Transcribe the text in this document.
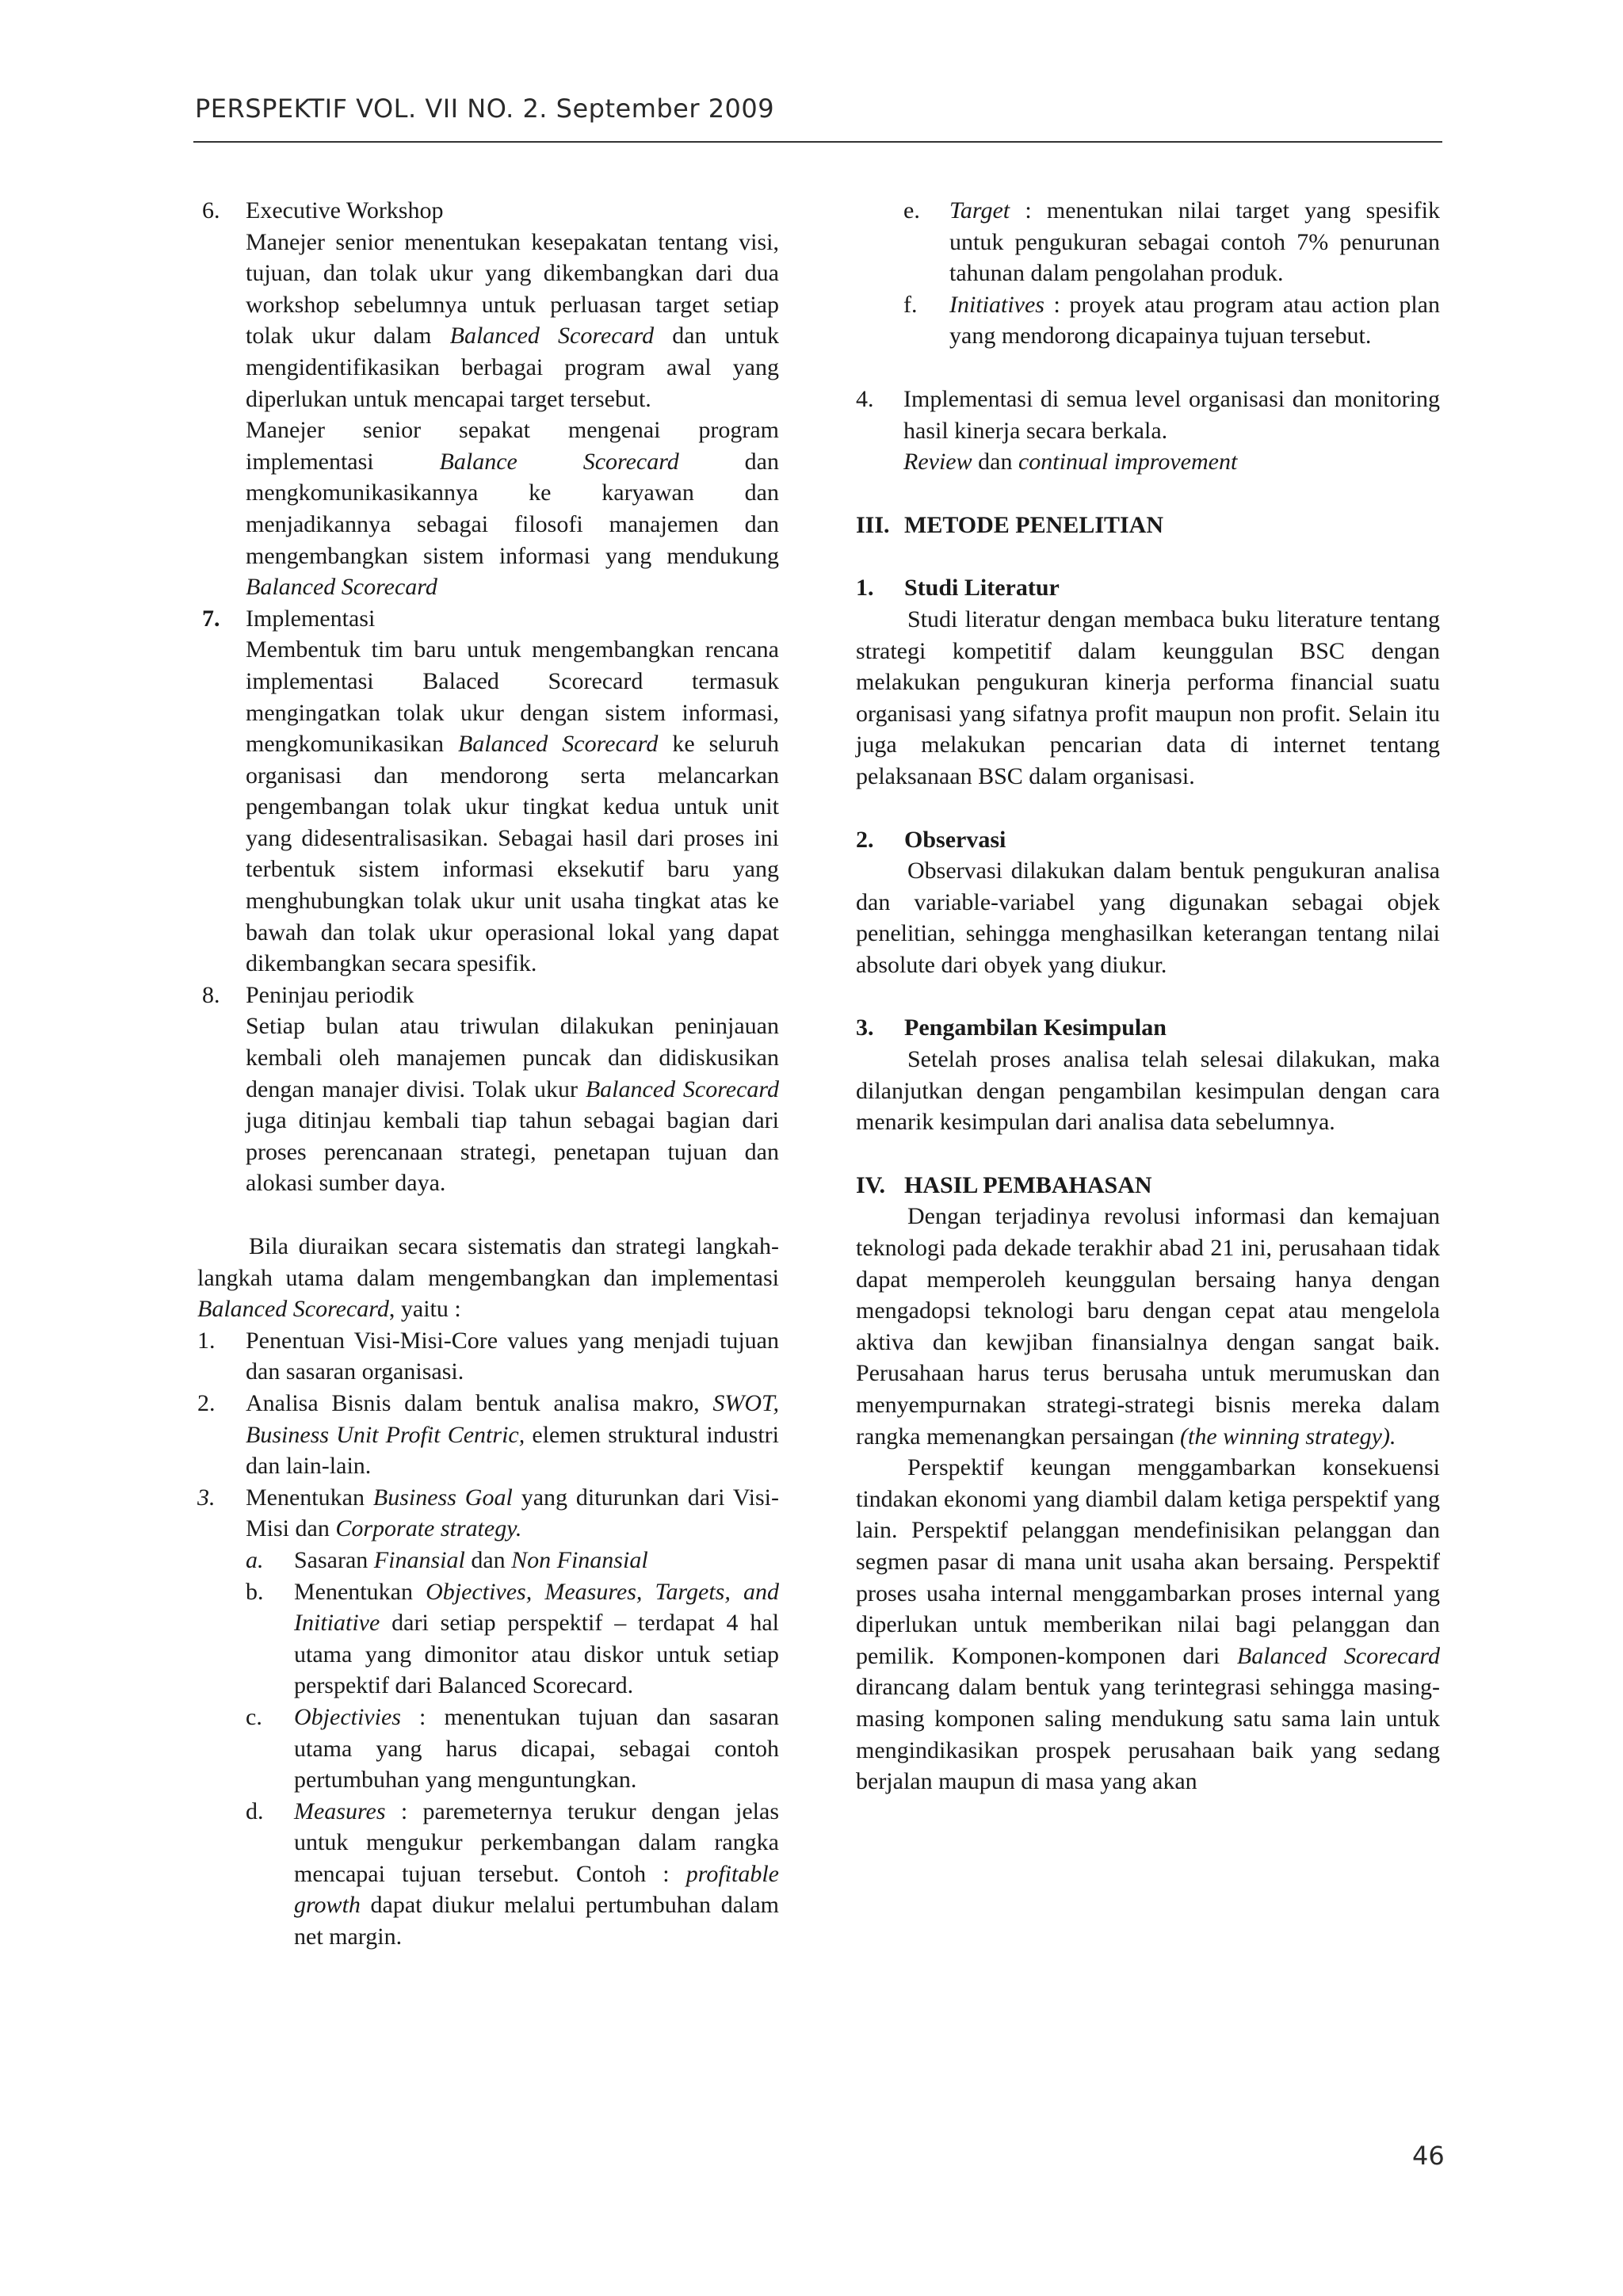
PERSPEKTIF VOL. VII NO. 2. September 2009
6. Executive Workshop

Manejer senior menentukan kesepakatan tentang visi, tujuan, dan tolak ukur yang dikembangkan dari dua workshop sebelumnya untuk perluasan target setiap tolak ukur dalam Balanced Scorecard dan untuk mengidentifikasikan berbagai program awal yang diperlukan untuk mencapai target tersebut.

Manejer senior sepakat mengenai program implementasi Balance Scorecard dan mengkomunikasikannya ke karyawan dan menjadikannya sebagai filosofi manajemen dan mengembangkan sistem informasi yang mendukung Balanced Scorecard

7. Implementasi

Membentuk tim baru untuk mengembangkan rencana implementasi Balaced Scorecard termasuk mengingatkan tolak ukur dengan sistem informasi, mengkomunikasikan Balanced Scorecard ke seluruh organisasi dan mendorong serta melancarkan pengembangan tolak ukur tingkat kedua untuk unit yang didesentralisasikan. Sebagai hasil dari proses ini terbentuk sistem informasi eksekutif baru yang menghubungkan tolak ukur unit usaha tingkat atas ke bawah dan tolak ukur operasional lokal yang dapat dikembangkan secara spesifik.

8. Peninjau periodik

Setiap bulan atau triwulan dilakukan peninjauan kembali oleh manajemen puncak dan didiskusikan dengan manajer divisi. Tolak ukur Balanced Scorecard juga ditinjau kembali tiap tahun sebagai bagian dari proses perencanaan strategi, penetapan tujuan dan alokasi sumber daya.

Bila diuraikan secara sistematis dan strategi langkah-langkah utama dalam mengembangkan dan implementasi Balanced Scorecard, yaitu :

1. Penentuan Visi-Misi-Core values yang menjadi tujuan dan sasaran organisasi.

2. Analisa Bisnis dalam bentuk analisa makro, SWOT, Business Unit Profit Centric, elemen struktural industri dan lain-lain.

3. Menentukan Business Goal yang diturunkan dari Visi-Misi dan Corporate strategy.

a. Sasaran Finansial dan Non Finansial

b. Menentukan Objectives, Measures, Targets, and Initiative dari setiap perspektif – terdapat 4 hal utama yang dimonitor atau diskor untuk setiap perspektif dari Balanced Scorecard.

c. Objectivies : menentukan tujuan dan sasaran utama yang harus dicapai, sebagai contoh pertumbuhan yang menguntungkan.

d. Measures : paremeternya terukur dengan jelas untuk mengukur perkembangan dalam rangka mencapai tujuan tersebut. Contoh : profitable growth dapat diukur melalui pertumbuhan dalam net margin.

e. Target : menentukan nilai target yang spesifik untuk pengukuran sebagai contoh 7% penurunan tahunan dalam pengolahan produk.

f. Initiatives : proyek atau program atau action plan yang mendorong dicapainya tujuan tersebut.

4. Implementasi di semua level organisasi dan monitoring hasil kinerja secara berkala.
Review dan continual improvement

III. METODE PENELITIAN
1. Studi Literatur

Studi literatur dengan membaca buku literature tentang strategi kompetitif dalam keunggulan BSC dengan melakukan pengukuran kinerja performa financial suatu organisasi yang sifatnya profit maupun non profit. Selain itu juga melakukan pencarian data di internet tentang pelaksanaan BSC dalam organisasi.

2. Observasi

Observasi dilakukan dalam bentuk pengukuran analisa dan variable-variabel yang digunakan sebagai objek penelitian, sehingga menghasilkan keterangan tentang nilai absolute dari obyek yang diukur.

3. Pengambilan Kesimpulan

Setelah proses analisa telah selesai dilakukan, maka dilanjutkan dengan pengambilan kesimpulan dengan cara menarik kesimpulan dari analisa data sebelumnya.

IV. HASIL PEMBAHASAN

Dengan terjadinya revolusi informasi dan kemajuan teknologi pada dekade terakhir abad 21 ini, perusahaan tidak dapat memperoleh keunggulan bersaing hanya dengan mengadopsi teknologi baru dengan cepat atau mengelola aktiva dan kewjiban finansialnya dengan sangat baik. Perusahaan harus terus berusaha untuk merumuskan dan menyempurnakan strategi-strategi bisnis mereka dalam rangka memenangkan persaingan (the winning strategy).

Perspektif keungan menggambarkan konsekuensi tindakan ekonomi yang diambil dalam ketiga perspektif yang lain. Perspektif pelanggan mendefinisikan pelanggan dan segmen pasar di mana unit usaha akan bersaing. Perspektif proses usaha internal menggambarkan proses internal yang diperlukan untuk memberikan nilai bagi pelanggan dan pemilik. Komponen-komponen dari Balanced Scorecard dirancang dalam bentuk yang terintegrasi sehingga masing-masing komponen saling mendukung satu sama lain untuk mengindikasikan prospek perusahaan baik yang sedang berjalan maupun di masa yang akan

46
